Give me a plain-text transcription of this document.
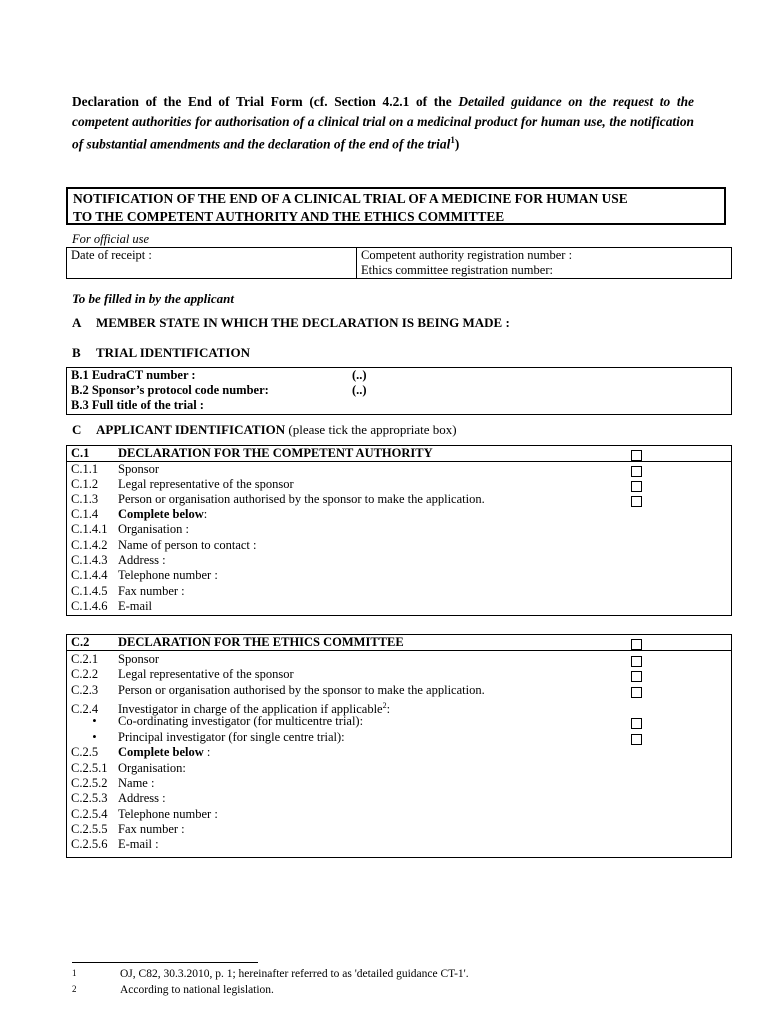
Declaration of the End of Trial Form (cf. Section 4.2.1 of the Detailed guidance on the request to the competent authorities for authorisation of a clinical trial on a medicinal product for human use, the notification of substantial amendments and the declaration of the end of the trial$^1$)
NOTIFICATION OF THE END OF A CLINICAL TRIAL OF A MEDICINE FOR HUMAN USE
TO THE COMPETENT AUTHORITY AND THE ETHICS COMMITTEE
For official use
Date of receipt :	Competent authority registration number :
Ethics committee registration number:
To be filled in by the applicant
A MEMBER STATE IN WHICH THE DECLARATION IS BEING MADE :
B TRIAL IDENTIFICATION
B.1 EudraCT number :	(..)
B.2 Sponsor’s protocol code number:	(..)
B.3 Full title of the trial :
C APPLICANT IDENTIFICATION (please tick the appropriate box)
C.1 DECLARATION FOR THE COMPETENT AUTHORITY
C.1.1 Sponsor
C.1.2 Legal representative of the sponsor
C.1.3 Person or organisation authorised by the sponsor to make the application.
C.1.4 Complete below:
C.1.4.1 Organisation :
C.1.4.2 Name of person to contact :
C.1.4.3 Address :
C.1.4.4 Telephone number :
C.1.4.5 Fax number :
C.1.4.6 E-mail
C.2 DECLARATION FOR THE ETHICS COMMITTEE
C.2.1 Sponsor
C.2.2 Legal representative of the sponsor
C.2.3 Person or organisation authorised by the sponsor to make the application.
C.2.4 Investigator in charge of the application if applicable$^2$:
• Co-ordinating investigator (for multicentre trial):
• Principal investigator (for single centre trial):
C.2.5 Complete below :
C.2.5.1 Organisation:
C.2.5.2 Name :
C.2.5.3 Address :
C.2.5.4 Telephone number :
C.2.5.5 Fax number :
C.2.5.6 E-mail :
1	OJ, C82, 30.3.2010, p. 1; hereinafter referred to as 'detailed guidance CT-1'.
2	According to national legislation.
